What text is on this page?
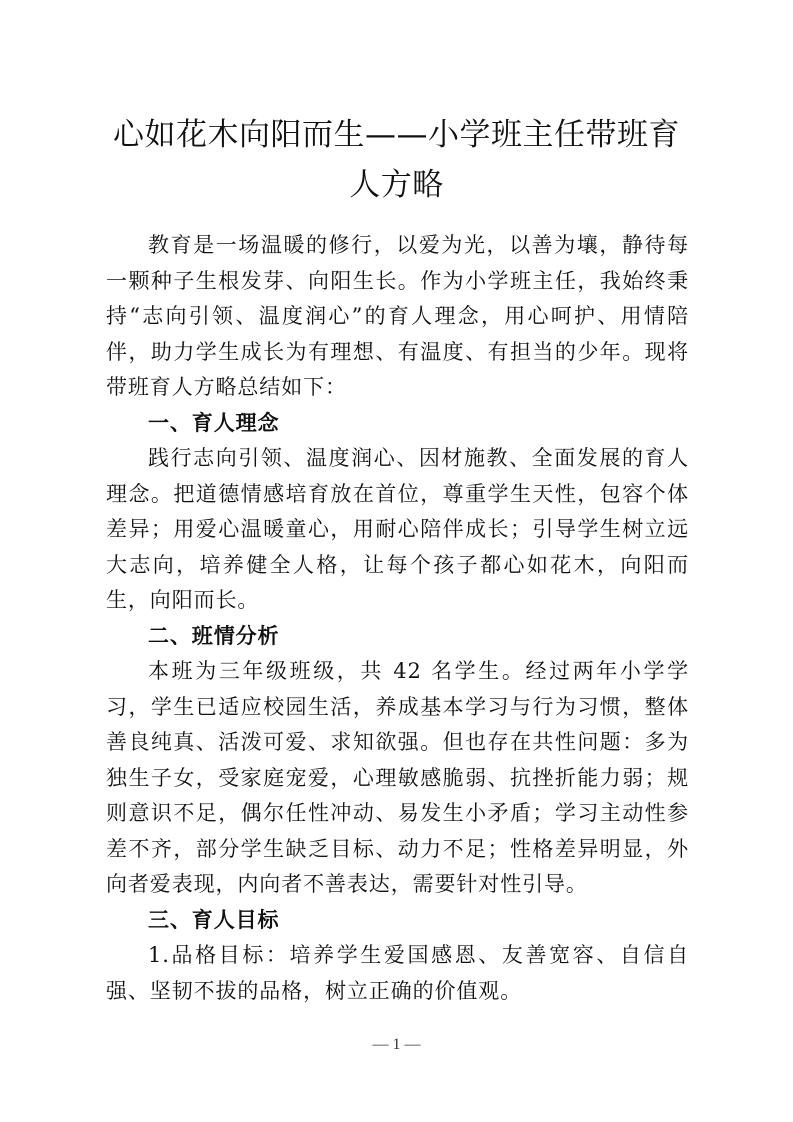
心如花木向阳而生——小学班主任带班育
人方略

教育是一场温暖的修行，以爱为光，以善为壤，静待每一颗种子生根发芽、向阳生长。作为小学班主任，我始终秉持“志向引领、温度润心”的育人理念，用心呵护、用情陪伴，助力学生成长为有理想、有温度、有担当的少年。现将带班育人方略总结如下：

一、育人理念

践行志向引领、温度润心、因材施教、全面发展的育人理念。把道德情感培育放在首位，尊重学生天性，包容个体差异；用爱心温暖童心，用耐心陪伴成长；引导学生树立远大志向，培养健全人格，让每个孩子都心如花木，向阳而生，向阳而长。

二、班情分析

本班为三年级班级，共 42 名学生。经过两年小学学习，学生已适应校园生活，养成基本学习与行为习惯，整体善良纯真、活泼可爱、求知欲强。但也存在共性问题：多为独生子女，受家庭宠爱，心理敏感脆弱、抗挫折能力弱；规则意识不足，偶尔任性冲动、易发生小矛盾；学习主动性参差不齐，部分学生缺乏目标、动力不足；性格差异明显，外向者爱表现，内向者不善表达，需要针对性引导。

三、育人目标

1.品格目标：培养学生爱国感恩、友善宽容、自信自强、坚韧不拔的品格，树立正确的价值观。

— 1 —
